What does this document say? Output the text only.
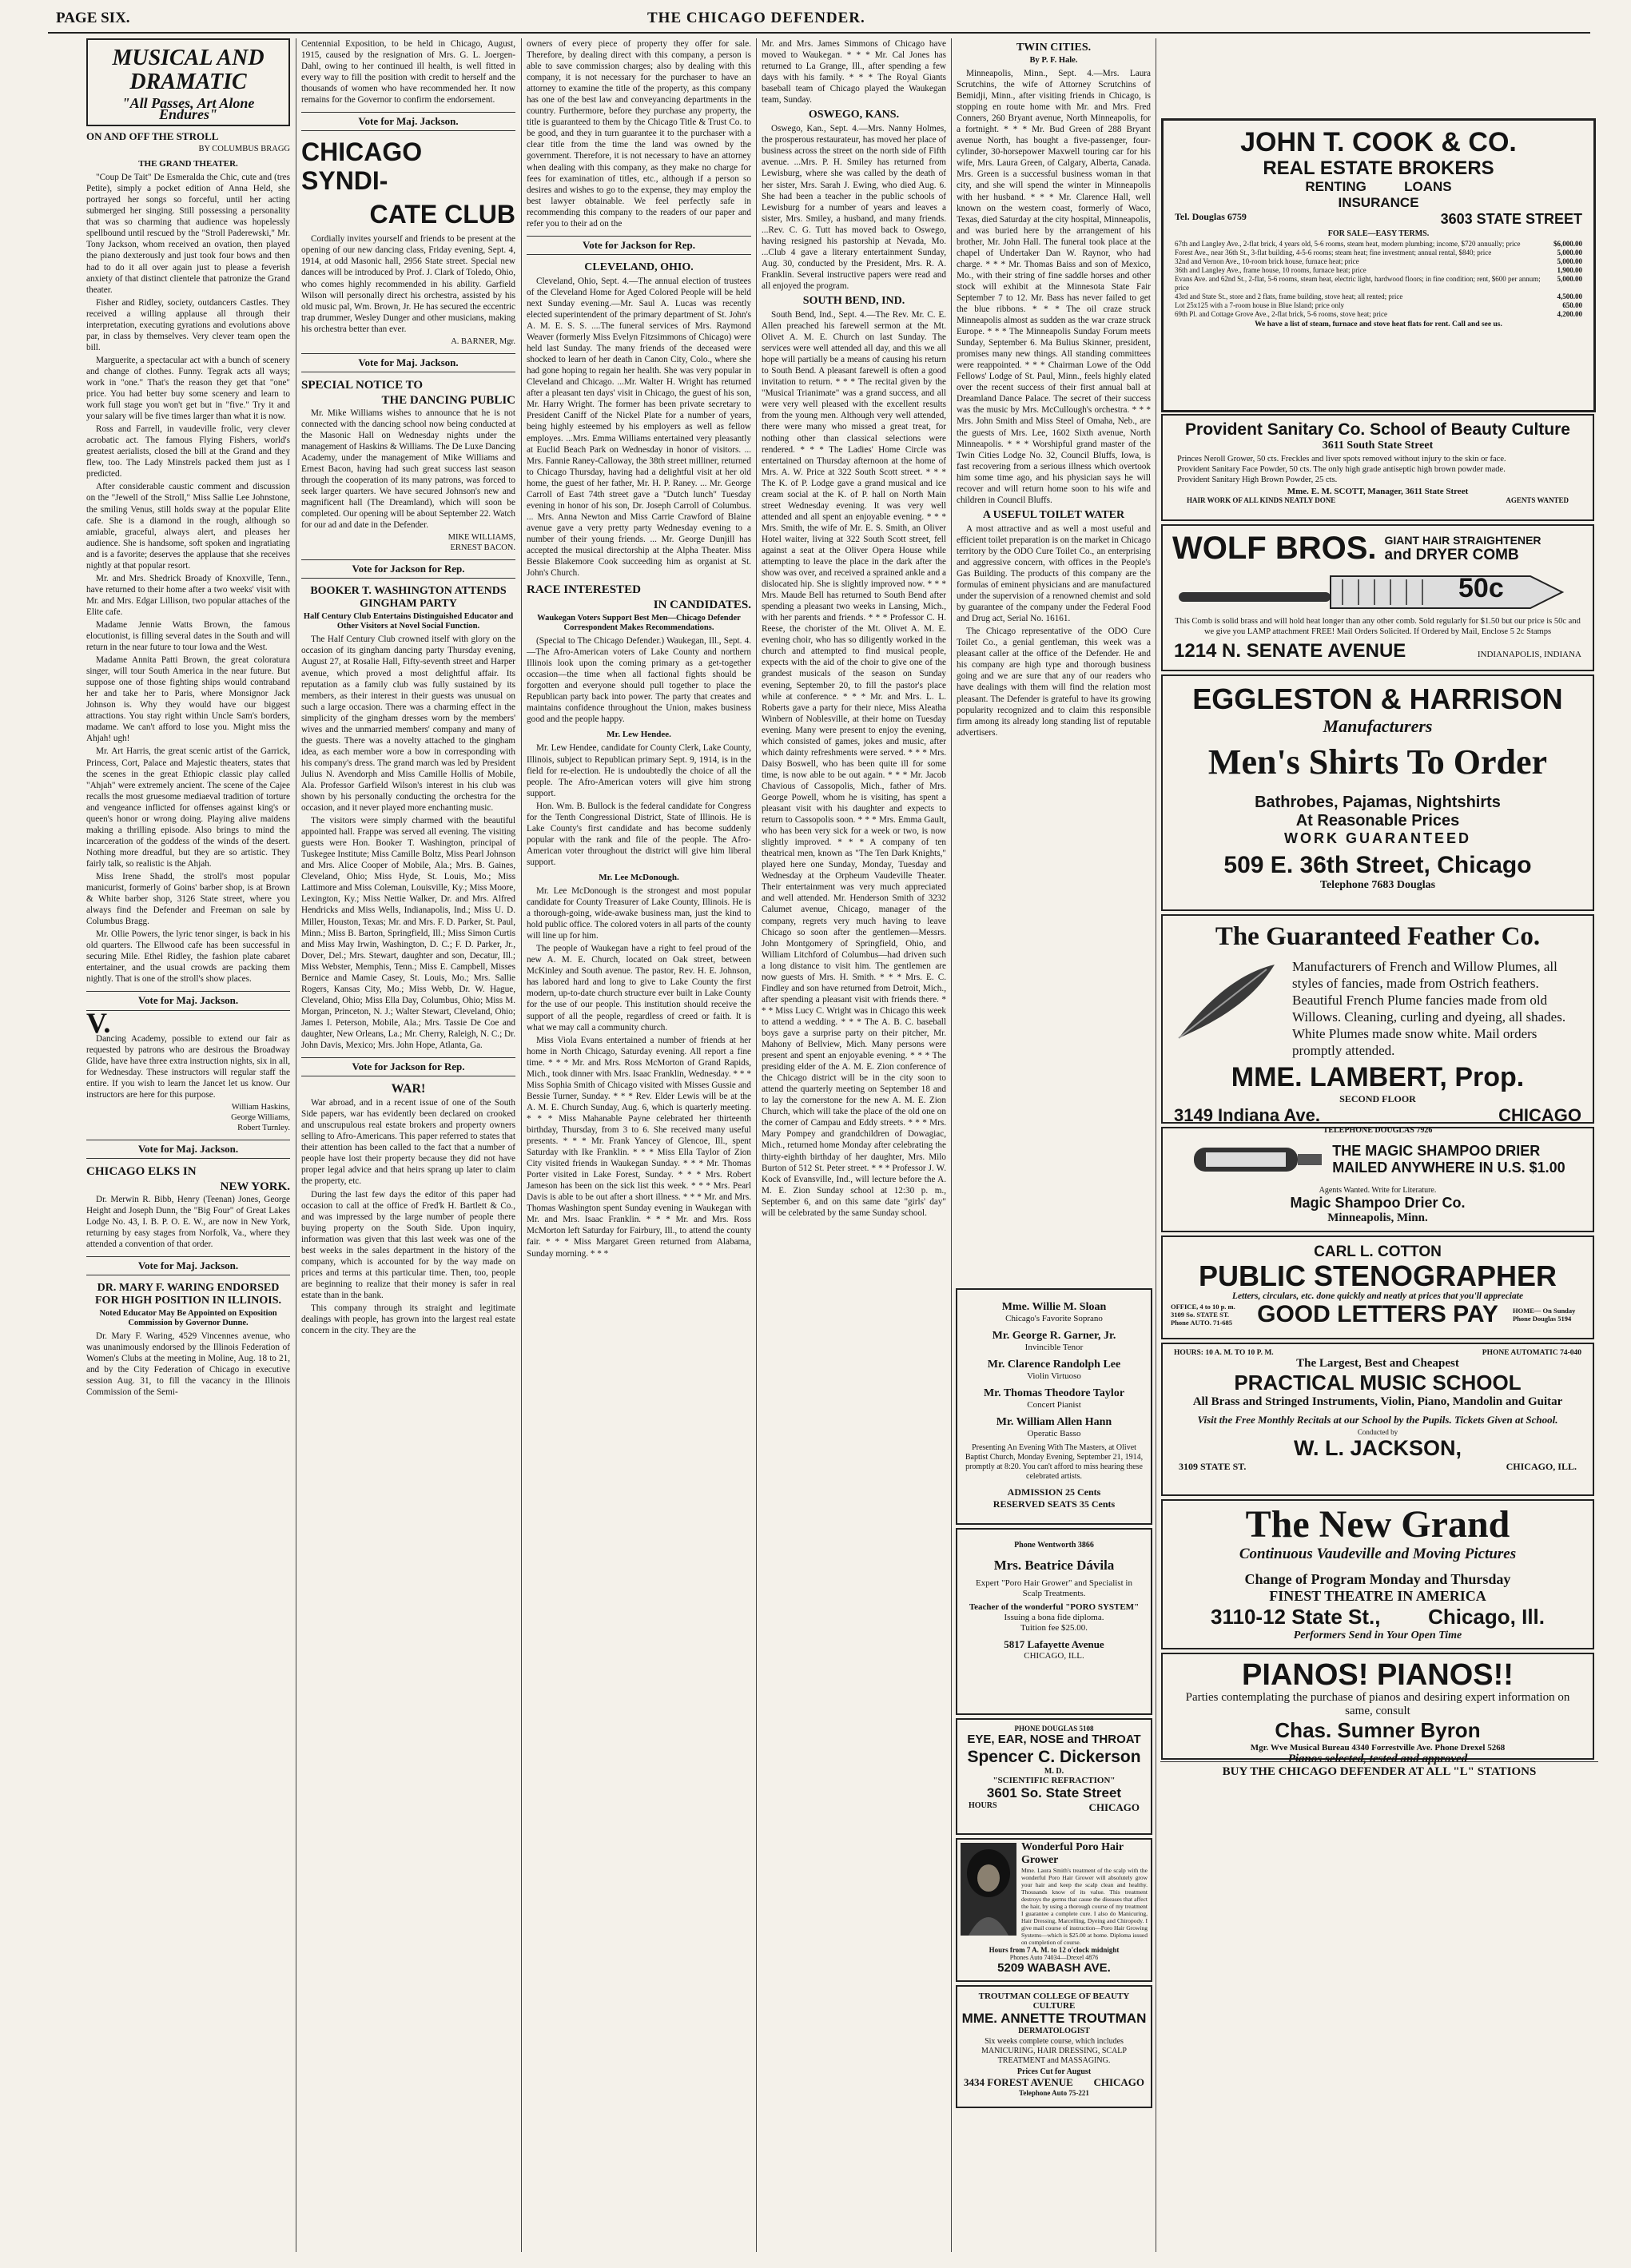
PAGE SIX.	THE CHICAGO DEFENDER.
MUSICAL AND DRAMATIC
"All Passes, Art Alone Endures"
ON AND OFF THE STROLL
BY COLUMBUS BRAGG
THE GRAND THEATER.

"Coup De Tait" De Esmeralda the Chic, cute and (tres Petite), simply a pocket edition of Anna Held, she portrayed her songs so forceful, until her acting submerged her singing. Still possessing a personality that was so charming that audience was hopelessly spellbound until rescued by the "Stroll Paderewski," Mr. Tony Jackson, whom received an ovation, then played the piano dexterously and just took four bows and then had to do it all over again just to please a feverish anxiety of that distinct clientele that patronize the Grand theater.

Fisher and Ridley, society, outdancers Castles. They received a willing applause all through their interpretation, executing gyrations and evolutions above par, in class by themselves. Very clever team open the bill.

Marguerite, a spectacular act with a bunch of scenery and change of clothes. Funny. Tegrak acts all ways; work in "one." That's the reason they get that "one" price. You had better buy some scenery and learn to work full stage you won't get but in "five." Try it and your salary will be five times larger than what it is now.

Ross and Farrell, in vaudeville frolic, very clever acrobatic act. The famous Flying Fishers, world's greatest aerialists, closed the bill at the Grand and they flew, too. The Lady Minstrels packed them just as I predicted.

After considerable caustic comment and discussion on the "Jewell of the Stroll," Miss Sallie Lee Johnstone, the smiling Venus, still holds sway at the popular Elite cafe. She is a diamond in the rough, although so amiable, graceful, always alert, and pleases her audience. She is handsome, soft spoken and ingratiating and is a favorite; deserves the applause that she receives nightly at that popular resort.

Mr. and Mrs. Shedrick Broady of Knoxville, Tenn., have returned to their home after a two weeks' visit with Mr. and Mrs. Edgar Lillison, two popular attaches of the Elite cafe.

Madame Jennie Watts Brown, the famous elocutionist, is filling several dates in the South and will return in the near future to tour Iowa and the West.

Madame Annita Patti Brown, the great coloratura singer, will tour South America in the near future. But suppose one of those fighting ships would contraband her and take her to Paris, where Monsignor Jack Johnson is. Why they would have our biggest attractions. You stay right within Uncle Sam's borders, madame. We can't afford to lose you. Might miss the Ahjah! ugh!

Mr. Art Harris, the great scenic artist of the Garrick, Princess, Cort, Palace and Majestic theaters, states that the scenes in the great Ethiopic classic play called "Ahjah" were extremely ancient. The scene of the Cajee recalls the most gruesome mediaeval tradition of torture and vengeance inflicted for offenses against king's or queen's honor or wrong doing. Playing alive maidens making a thrilling episode. Also brings to mind the incarceration of the goddess of the winds of the desert. Nothing more dreadful, but they are so artistic. They fairly talk, so realistic is the Ahjah.

Miss Irene Shadd, the stroll's most popular manicurist, formerly of Goins' barber shop, is at Brown & White barber shop, 3126 State street, where you always find the Defender and Freeman on sale by Columbus Bragg.

Mr. Ollie Powers, the lyric tenor singer, is back in his old quarters. The Ellwood cafe has been successful in securing Mile. Ethel Ridley, the fashion plate cabaret entertainer, and the usual crowds are packing them nightly. That is one of the stroll's show places.

Vote for Maj. Jackson.
V.

Dancing Academy, possible to extend our fair as requested by patrons who are desirous the Broadway Glide, have have three extra instruction nights, six in all, for Wednesday. These instructors will regular staff the entire. If you wish to learn the Jancet let us know. Our instructors are here for this purpose.

William Haskins,
George Williams,
Robert Turnley.
Vote for Maj. Jackson.
CHICAGO ELKS IN
NEW YORK.

Dr. Merwin R. Bibb, Henry (Teenan) Jones, George Height and Joseph Dunn, the "Big Four" of Great Lakes Lodge No. 43, I. B. P. O. E. W., are now in New York, returning by easy stages from Norfolk, Va., where they attended a convention of that order.

Vote for Maj. Jackson.
DR. MARY F. WARING ENDORSED FOR HIGH POSITION IN ILLINOIS.
Noted Educator May Be Appointed on Exposition Commission by Governor Dunne.

Dr. Mary F. Waring, 4529 Vincennes avenue, who was unanimously endorsed by the Illinois Federation of Women's Clubs at the meeting in Moline, Aug. 18 to 21, and by the City Federation of Chicago in executive session Aug. 31, to fill the vacancy in the Illinois Commission of the Semi-

Centennial Exposition, to be held in Chicago, August, 1915, caused by the resignation of Mrs. G. L. Joergen-Dahl, owing to her continued ill health, is well fitted in every way to fill the position with credit to herself and the thousands of women who have recommended her. It now remains for the Governor to confirm the endorsement.

Vote for Maj. Jackson.
CHICAGO SYNDI-
CATE CLUB

Cordially invites yourself and friends to be present at the opening of our new dancing class, Friday evening, Sept. 4, 1914, at odd Masonic hall, 2956 State street. Special new dances will be introduced by Prof. J. Clark of Toledo, Ohio, who comes highly recommended in his ability. Garfield Wilson will personally direct his orchestra, assisted by his old music pal, Wm. Brown, Jr. He has secured the eccentric trap drummer, Wesley Dunger and other musicians, making his orchestra better than ever.

A. BARNER, Mgr.
Vote for Maj. Jackson.
SPECIAL NOTICE TO
THE DANCING PUBLIC

Mr. Mike Williams wishes to announce that he is not connected with the dancing school now being conducted at the Masonic Hall on Wednesday nights under the management of Haskins & Williams. The De Luxe Dancing Academy, under the management of Mike Williams and Ernest Bacon, having had such great success last season through the cooperation of its many patrons, was forced to seek larger quarters. We have secured Johnson's new and magnificent hall (The Dreamland), which will soon be completed. Our opening will be about September 22. Watch for our ad and date in the Defender.

MIKE WILLIAMS,
ERNEST BACON.
Vote for Jackson for Rep.
BOOKER T. WASHINGTON ATTENDS GINGHAM PARTY
Half Century Club Entertains Distinguished Educator and Other Visitors at Novel Social Function.

The Half Century Club crowned itself with glory on the occasion of its gingham dancing party Thursday evening, August 27, at Rosalie Hall, Fifty-seventh street and Harper avenue, which proved a most delightful affair. Its reputation as a family club was fully sustained by its members, as their interest in their guests was unusual on such a large occasion. There was a charming effect in the simplicity of the gingham dresses worn by the members' wives and the unmarried members' company and many of the guests. There was a novelty attached to the gingham idea, as each member wore a bow in corresponding with his company's dress. The grand march was led by President Julius N. Avendorph and Miss Camille Hollis of Mobile, Ala. Professor Garfield Wilson's interest in his club was shown by his personally conducting the orchestra for the occasion, and it never played more enchanting music.

The visitors were simply charmed with the beautiful appointed hall. Frappe was served all evening. The visiting guests were Hon. Booker T. Washington, principal of Tuskegee Institute; Miss Camille Boltz, Miss Pearl Johnson and Mrs. Alice Cooper of Mobile, Ala.; Mrs. B. Gaines, Cleveland, Ohio; Miss Hyde, St. Louis, Mo.; Miss Lattimore and Miss Coleman, Louisville, Ky.; Miss Moore, Lexington, Ky.; Miss Nettie Walker, Dr. and Mrs. Alfred Hendricks and Miss Wells, Indianapolis, Ind.; Miss U. D. Miller, Houston, Texas; Mr. and Mrs. F. D. Parker, St. Paul, Minn.; Miss B. Barton, Springfield, Ill.; Miss Simon Curtis and Miss May Irwin, Washington, D. C.; F. D. Parker, Jr., Dover, Del.; Mrs. Stewart, daughter and son, Decatur, Ill.; Miss Webster, Memphis, Tenn.; Miss E. Campbell, Misses Bernice and Mamie Casey, St. Louis, Mo.; Mrs. Sallie Rogers, Kansas City, Mo.; Miss Webb, Dr. W. Hague, Cleveland, Ohio; Miss Ella Day, Columbus, Ohio; Miss M. Morgan, Princeton, N. J.; Walter Stewart, Cleveland, Ohio; James I. Peterson, Mobile, Ala.; Mrs. Tassie De Coe and daughter, New Orleans, La.; Mr. Cherry, Raleigh, N. C.; Dr. John Davis, Mexico; Mrs. John Hope, Atlanta, Ga.

Vote for Jackson for Rep.
WAR!

War abroad, and in a recent issue of one of the South Side papers, war has evidently been declared on crooked and unscrupulous real estate brokers and property owners selling to Afro-Americans. This paper referred to states that their attention has been called to the fact that a number of people have lost their property because they did not have proper legal advice and that heirs sprang up later to claim the property, etc.

During the last few days the editor of this paper had occasion to call at the office of Fred'k H. Bartlett & Co., and was impressed by the large number of people there buying property on the South Side. Upon inquiry, information was given that this last week was one of the best weeks in the sales department in the history of the company, which is accounted for by the way made on prices and terms at this particular time. Then, too, people are beginning to realize that their money is safer in real estate than in the bank.

This company through its straight and legitimate dealings with people, has grown into the largest real estate concern in the city. They are the

owners of every piece of property they offer for sale. Therefore, by dealing direct with this company, a person is able to save commission charges; also by dealing with this company, it is not necessary for the purchaser to have an attorney to examine the title of the property, as this company has one of the best law and conveyancing departments in the country. Furthermore, before they purchase any property, the title is guaranteed to them by the Chicago Title & Trust Co. to be good, and they in turn guarantee it to the purchaser with a clear title from the time the land was owned by the government. Therefore, it is not necessary to have an attorney when dealing with this company, as they make no charge for fees for examination of titles, etc., although if a person so desires and wishes to go to the expense, they may employ the best lawyer obtainable. We feel perfectly safe in recommending this company to the readers of our paper and refer you to their ad on the

Vote for Jackson for Rep.
CLEVELAND, OHIO.

Cleveland, Ohio, Sept. 4.—The annual election of trustees of the Cleveland Home for Aged Colored People will be held next Sunday evening.—Mr. Saul A. Lucas was recently elected superintendent of the primary department of St. John's A. M. E. S. S. ....The funeral services of Mrs. Raymond Weaver (formerly Miss Evelyn Fitzsimmons of Chicago) were held last Sunday. The many friends of the deceased were shocked to learn of her death in Canon City, Colo., where she had gone hoping to regain her health. She was very popular in Cleveland and Chicago. ...Mr. Walter H. Wright has returned after a pleasant ten days' visit in Chicago, the guest of his son, Mr. Harry Wright. The former has been private secretary to President Caniff of the Nickel Plate for a number of years, being highly esteemed by his employers as well as fellow employes. ...Mrs. Emma Williams entertained very pleasantly at Euclid Beach Park on Wednesday in honor of visitors. ... Mrs. Fannie Raney-Calloway, the 38th street milliner, returned to Chicago Thursday, having had a delightful visit at her old home, the guest of her father, Mr. H. P. Raney. ... Mr. George Carroll of East 74th street gave a "Dutch lunch" Tuesday evening in honor of his son, Dr. Joseph Carroll of Columbus. ... Mrs. Anna Newton and Miss Carrie Crawford of Blaine avenue gave a very pretty party Wednesday evening to a number of their young friends. ... Mr. George Dunjill has accepted the musical directorship at the Alpha Theater. Miss Bessie Blakemore Cook succeeding him as organist at St. John's Church.

RACE INTERESTED
IN CANDIDATES.
Waukegan Voters Support Best Men—Chicago Defender Correspondent Makes Recommendations.

(Special to The Chicago Defender.) Waukegan, Ill., Sept. 4.—The Afro-American voters of Lake County and northern Illinois look upon the coming primary as a get-together occasion—the time when all factional fights should be forgotten and everyone should pull together to place the Republican party back into power. The party that creates and maintains confidence throughout the Union, makes business good and the people happy.

Mr. Lew Hendee.

Mr. Lew Hendee, candidate for County Clerk, Lake County, Illinois, subject to Republican primary Sept. 9, 1914, is in the field for re-election. He is undoubtedly the choice of all the people. The Afro-American voters will give him strong support.

Hon. Wm. B. Bullock is the federal candidate for Congress for the Tenth Congressional District, State of Illinois. He is Lake County's first candidate and has become suddenly popular with the rank and file of the people. The Afro-American voter throughout the district will give him liberal support.

Mr. Lee McDonough.

Mr. Lee McDonough is the strongest and most popular candidate for County Treasurer of Lake County, Illinois. He is a thorough-going, wide-awake business man, just the kind to hold public office. The colored voters in all parts of the county will line up for him.

The people of Waukegan have a right to feel proud of the new A. M. E. Church, located on Oak street, between McKinley and South avenue. The pastor, Rev. H. E. Johnson, has labored hard and long to give to Lake County the first modern, up-to-date church structure ever built in Lake County for the use of our people. This institution should receive the support of all the people, regardless of creed or faith. It is what we may call a community church.

Miss Viola Evans entertained a number of friends at her home in North Chicago, Saturday evening. All report a fine time. * * * Mr. and Mrs. Ross McMorton of Grand Rapids, Mich., took dinner with Mrs. Isaac Franklin, Wednesday. * * * Miss Sophia Smith of Chicago visited with Misses Gussie and Bessie Turner, Sunday. * * * Rev. Elder Lewis will be at the A. M. E. Church Sunday, Aug. 6, which is quarterly meeting. * * * Miss Mahanable Payne celebrated her thirteenth birthday, Thursday, from 3 to 6. She received many useful presents. * * * Mr. Frank Yancey of Glencoe, Ill., spent Saturday with Ike Franklin. * * * Miss Ella Taylor of Zion City visited friends in Waukegan Sunday. * * * Mr. Thomas Porter visited in Lake Forest, Sunday. * * * Mrs. Robert Jameson has been on the sick list this week. * * * Mrs. Pearl Davis is able to be out after a short illness. * * * Mr. and Mrs. Thomas Washington spent Sunday evening in Waukegan with Mr. and Mrs. Isaac Franklin. * * * Mr. and Mrs. Ross McMorton left Saturday for Fairbury, Ill., to attend the county fair. * * * Miss Margaret Green returned from Alabama, Sunday morning. * * *

Mr. and Mrs. James Simmons of Chicago have moved to Waukegan. * * * Mr. Cal Jones has returned to La Grange, Ill., after spending a few days with his family. * * * The Royal Giants baseball team of Chicago played the Waukegan team, Sunday.

OSWEGO, KANS.

Oswego, Kan., Sept. 4.—Mrs. Nanny Holmes, the prosperous restaurateur, has moved her place of business across the street on the north side of Fifth avenue. ...Mrs. P. H. Smiley has returned from Lewisburg, where she was called by the death of her sister, Mrs. Sarah J. Ewing, who died Aug. 6. She had been a teacher in the public schools of Lewisburg for a number of years and leaves a sister, Mrs. Smiley, a husband, and many friends. ...Rev. C. G. Tutt has moved back to Oswego, having resigned his pastorship at Nevada, Mo. ...Club 4 gave a literary entertainment Sunday, Aug. 30, conducted by the President, Mrs. R. A. Franklin. Several instructive papers were read and all enjoyed the program.

SOUTH BEND, IND.

South Bend, Ind., Sept. 4.—The Rev. Mr. C. E. Allen preached his farewell sermon at the Mt. Olivet A. M. E. Church on last Sunday. The services were well attended all day, and this we all hope will partially be a means of causing his return to South Bend. A pleasant farewell is often a good invitation to return. * * * The recital given by the "Musical Trianimate" was a grand success, and all were very well pleased with the excellent results from the young men. Although very well attended, there were many who missed a great treat, for nothing other than classical selections were rendered. * * * The Ladies' Home Circle was entertained on Thursday afternoon at the home of Mrs. A. W. Price at 322 South Scott street. * * * The K. of P. Lodge gave a grand musical and ice cream social at the K. of P. hall on North Main street Wednesday evening. It was very well attended and all spent an enjoyable evening. * * * Mrs. Smith, the wife of Mr. E. S. Smith, an Oliver Hotel waiter, living at 322 South Scott street, fell against a seat at the Oliver Opera House while attempting to leave the place in the dark after the show was over, and received a sprained ankle and a dislocated hip. She is slightly improved now. * * * Mrs. Maude Bell has returned to South Bend after spending a pleasant two weeks in Lansing, Mich., with her parents and friends. * * * Professor C. H. Reese, the chorister of the Mt. Olivet A. M. E. evening choir, who has so diligently worked in the church and attempted to find musical people, expects with the aid of the choir to give one of the grandest musicals of the season on Sunday evening, September 20, to fill the pastor's place while at conference. * * * Mr. and Mrs. L. L. Roberts gave a party for their niece, Miss Aleatha Winbern of Noblesville, at their home on Tuesday evening. Many were present to enjoy the evening, which consisted of games, jokes and music, after which dainty refreshments were served. * * * Mrs. Daisy Boswell, who has been quite ill for some time, is now able to be out again. * * * Mr. Jacob Chavious of Cassopolis, Mich., father of Mrs. George Powell, whom he is visiting, has spent a pleasant visit with his daughter and expects to return to Cassopolis soon. * * * Mrs. Emma Gault, who has been very sick for a week or two, is now slightly improved. * * * A company of ten theatrical men, known as "The Ten Dark Knights," played here one Sunday, Monday, Tuesday and Wednesday at the Orpheum Vaudeville Theater. Their entertainment was very much appreciated and well attended. Mr. Henderson Smith of 3232 Calumet avenue, Chicago, manager of the company, regrets very much having to leave Chicago so soon after the gentlemen—Messrs. John Montgomery of Springfield, Ohio, and William Litchford of Columbus—had driven such a long distance to visit him. The gentlemen are now guests of Mrs. H. Smith. * * * Mrs. E. C. Findley and son have returned from Detroit, Mich., after spending a pleasant visit with friends there. * * * Miss Lucy C. Wright was in Chicago this week to attend a wedding. * * * The A. B. C. baseball boys gave a surprise party on their pitcher, Mr. Mahony of Bellview, Mich. Many persons were present and spent an enjoyable evening. * * * The presiding elder of the A. M. E. Zion conference of the Chicago district will be in the city soon to attend the quarterly meeting on September 18 and to lay the cornerstone for the new A. M. E. Zion Church, which will take the place of the old one on the corner of Campau and Eddy streets. * * * Mrs. Mary Pompey and grandchildren of Dowagiac, Mich., returned home Monday after celebrating the thirty-eighth birthday of her daughter, Mrs. Milo Burton of 512 St. Peter street. * * * Professor J. W. Kock of Evansville, Ind., will lecture before the A. M. E. Zion Sunday school at 12:30 p. m., September 6, and on this same date "girls' day" will be celebrated by the same Sunday school.

TWIN CITIES.
By P. F. Hale.

Minneapolis, Minn., Sept. 4.—Mrs. Laura Scrutchins, the wife of Attorney Scrutchins of Bemidji, Minn., after visiting friends in Chicago, is stopping en route home with Mr. and Mrs. Fred Conners, 260 Bryant avenue, North Minneapolis, for a fortnight. * * * Mr. Bud Green of 288 Bryant avenue North, has bought a five-passenger, four-cylinder, 30-horsepower Maxwell touring car for his wife, Mrs. Laura Green, of Calgary, Alberta, Canada. Mrs. Green is a successful business woman in that city, and she will spend the winter in Minneapolis with her husband. * * * Mr. Clarence Hall, well known on the western coast, formerly of Waco, Texas, died Saturday at the city hospital, Minneapolis, and was buried here by the arrangement of his brother, Mr. John Hall. The funeral took place at the chapel of Undertaker Dan W. Raynor, who had charge. * * * Mr. Thomas Baiss and son of Mexico, Mo., with their string of fine saddle horses and other stock will exhibit at the Minnesota State Fair September 7 to 12. Mr. Bass has never failed to get the blue ribbons. * * * The oil craze struck Minneapolis almost as sudden as the war craze struck Europe. * * * The Minneapolis Sunday Forum meets Sunday, September 6. Ma Bulius Skinner, president, promises many new things. All standing committees were reappointed. * * * Chairman Lowe of the Odd Fellows' Lodge of St. Paul, Minn., feels highly elated over the recent success of their first annual ball at Dreamland Dance Palace. The secret of their success was the music by Mrs. McCullough's orchestra. * * * Mrs. John Smith and Miss Steel of Omaha, Neb., are the guests of Mrs. Lee, 1602 Sixth avenue, North Minneapolis. * * * Worshipful grand master of the Twin Cities Lodge No. 32, Council Bluffs, Iowa, is fast recovering from a serious illness which overtook him some time ago, and his physician says he will recover and will return home soon to his wife and children in Council Bluffs.

A USEFUL TOILET WATER

A most attractive and as well a most useful and efficient toilet preparation is on the market in Chicago territory by the ODO Cure Toilet Co., an enterprising and aggressive concern, with offices in the People's Gas Building. The products of this company are the formulas of eminent physicians and are manufactured under the supervision of a renowned chemist and sold by guarantee of the company under the Federal Food and Drug act, Serial No. 16161.

The Chicago representative of the ODO Cure Toilet Co., a genial gentleman, this week was a pleasant caller at the office of the Defender. He and his company are high type and thorough business going and we are sure that any of our readers who have dealings with them will find the relation most pleasant. The Defender is grateful to have its growing popularity recognized and to claim this responsible firm among its already long standing list of reputable advertisers.

Mme. Willie M. Sloan
Chicago's Favorite Soprano
Mr. George R. Garner, Jr.
Invincible Tenor
Mr. Clarence Randolph Lee
Violin Virtuoso
Mr. Thomas Theodore Taylor
Concert Pianist
Mr. William Allen Hann
Operatic Basso
Presenting An Evening With The Masters, at Olivet Baptist Church, Monday Evening, September 21, 1914, promptly at 8:20. You can't afford to miss hearing these celebrated artists.
ADMISSION 25 Cents
RESERVED SEATS 35 Cents
Phone Wentworth 3866
Mrs. Beatrice Dávila
Expert "Poro Hair Grower" and Specialist in Scalp Treatments.
Teacher of the wonderful "PORO SYSTEM"
Issuing a bona fide diploma.
Tuition fee $25.00.
5817 Lafayette Avenue
CHICAGO, ILL.
PHONE DOUGLAS 5108
EYE, EAR, NOSE and THROAT
Spencer C. Dickerson
M. D.
"SCIENTIFIC REFRACTION"
3601 So. State Street
HOURS	CHICAGO
Wonderful Poro Hair Grower
Mme. Laura Smith's treatment of the scalp with the wonderful Poro Hair Grower will absolutely grow your hair and keep the scalp clean and healthy. Thousands know of its value. This treatment destroys the germs that cause the diseases that affect the hair, by using a thorough course of my treatment I guarantee a complete cure. I also do Manicuring, Hair Dressing, Marcelling, Dyeing and Chiropody. I give mail course of instruction—Poro Hair Growing Systems—which is $25.00 at home. Diploma issued on completion of course.
Hours from 7 A. M. to 12 o'clock midnight
Phones Auto 74034—Drexel 4876
5209 WABASH AVE.
TROUTMAN COLLEGE OF BEAUTY CULTURE
MME. ANNETTE TROUTMAN
DERMATOLOGIST
Six weeks complete course, which includes MANICURING, HAIR DRESSING, SCALP TREATMENT and MASSAGING.
Prices Cut for August
3434 FOREST AVENUE CHICAGO
Telephone Auto 75-221
JOHN T. COOK & CO.
REAL ESTATE BROKERS
RENTING          LOANS
INSURANCE
Tel. Douglas 6759	3603 STATE STREET
FOR SALE—EASY TERMS.
67th and Langley Ave., 2-flat brick, 4 years old, 5-6 rooms, steam heat, modern plumbing; income, $720 annually; price	$6,000.00
Forest Ave., near 36th St., 3-flat building, 4-5-6 rooms; steam heat; fine investment; annual rental, $840; price	5,000.00
32nd and Vernon Ave., 10-room brick house, furnace heat; price	5,000.00
36th and Langley Ave., frame house, 10 rooms, furnace heat; price	1,900.00
Evans Ave. and 62nd St., 2-flat, 5-6 rooms, steam heat, electric light, hardwood floors; in fine condition; rent, $600 per annum; price
5,000.00
43rd and State St., store and 2 flats, frame building, stove heat; all rented; price	4,500.00
Lot 25x125 with a 7-room house in Blue Island; price only	650.00
69th Pl. and Cottage Grove Ave., 2-flat brick, 5-6 rooms, stove heat; price	4,200.00
We have a list of steam, furnace and stove heat flats for rent. Call and see us.
Provident Sanitary Co. School of Beauty Culture
3611 South State Street
Princes Neroll Grower, 50 cts. Freckles and liver spots removed without injury to the skin or face.
Provident Sanitary Face Powder, 50 cts. The only high grade antiseptic high brown powder made.
Provident Sanitary High Brown Powder, 25 cts.
Mme. E. M. SCOTT, Manager, 3611 State Street
HAIR WORK OF ALL KINDS NEATLY DONE	AGENTS WANTED
WOLF BROS. GIANT HAIR STRAIGHTENER
and DRYER COMB
50c
This Comb is solid brass and will hold heat longer than any other comb. Sold regularly for $1.50 but our price is 50c and we give you LAMP attachment FREE! Mail Orders Solicited. If Ordered by Mail, Enclose 5 2c Stamps
1214 N. SENATE AVENUE	INDIANAPOLIS, INDIANA
EGGLESTON & HARRISON
Manufacturers
Men's Shirts To Order
Bathrobes, Pajamas, Nightshirts
At Reasonable Prices
WORK GUARANTEED
509 E. 36th Street, Chicago
Telephone 7683 Douglas
The Guaranteed Feather Co.
Manufacturers of French and Willow Plumes, all styles of fancies, made from Ostrich feathers. Beautiful French Plume fancies made from old Willows. Cleaning, curling and dyeing, all shades. White Plumes made snow white. Mail orders promptly attended.
MME. LAMBERT, Prop.
SECOND FLOOR
3149 Indiana Ave.	CHICAGO
TELEPHONE DOUGLAS 7926
THE MAGIC SHAMPOO DRIER
MAILED ANYWHERE IN U.S. $1.00
Agents Wanted. Write for Literature.
Magic Shampoo Drier Co.
Minneapolis, Minn.
CARL L. COTTON
PUBLIC STENOGRAPHER
Letters, circulars, etc. done quickly and neatly at prices that you'll appreciate
OFFICE, 4 to 10 p. m. 3109 So. STATE ST. Phone AUTO. 71-685	GOOD LETTERS PAY HOME— On Sunday Phone Douglas 5194
HOURS: 10 A. M. TO 10 P. M.	PHONE AUTOMATIC 74-040
The Largest, Best and Cheapest
PRACTICAL MUSIC SCHOOL
All Brass and Stringed Instruments, Violin, Piano, Mandolin and Guitar
Visit the Free Monthly Recitals at our School by the Pupils. Tickets Given at School.
Conducted by
W. L. JACKSON,
3109 STATE ST.	CHICAGO, ILL.
The New Grand
Continuous Vaudeville and Moving Pictures
Change of Program Monday and Thursday
FINEST THEATRE IN AMERICA
3110-12 State St., Chicago, Ill.
Performers Send in Your Open Time
PIANOS! PIANOS!!
Parties contemplating the purchase of pianos and desiring expert information on same, consult
Chas. Sumner Byron
Mgr. Wve Musical Bureau 4340 Forrestville Ave. Phone Drexel 5268
Pianos selected, tested and approved
BUY THE CHICAGO DEFENDER AT ALL "L" STATIONS
